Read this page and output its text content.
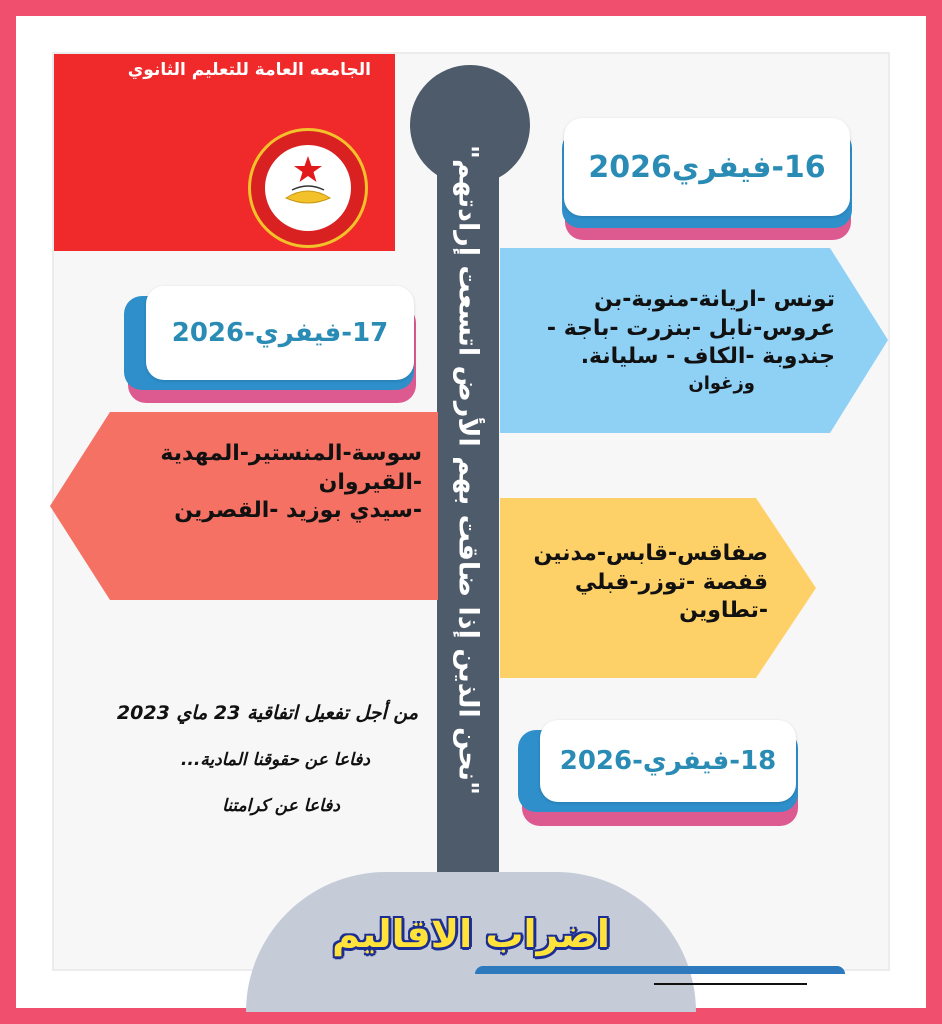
الجامعه العامة للتعليم الثانوي
"نحن الذين إذا ضاقت بهم الأرض اتسعت إرادتهم"	16-فيفري2026
تونس -اريانة-منوبة-بن
عروس-نابل -بنزرت -باجة -
جندوبة -الكاف - سليانة.
وزغوان
17-فيفري-2026
سوسة-المنستير-المهدية
-القيروان
-سيدي بوزيد -القصرين
صفاقس-قابس-مدنين
قفصة -توزر-قبلي
-تطاوين
18-فيفري-2026
من أجل تفعيل اتفاقية 23 ماي 2023
دفاعا عن حقوقنا المادية...
دفاعا عن كرامتنا
اضراب الاقاليم
